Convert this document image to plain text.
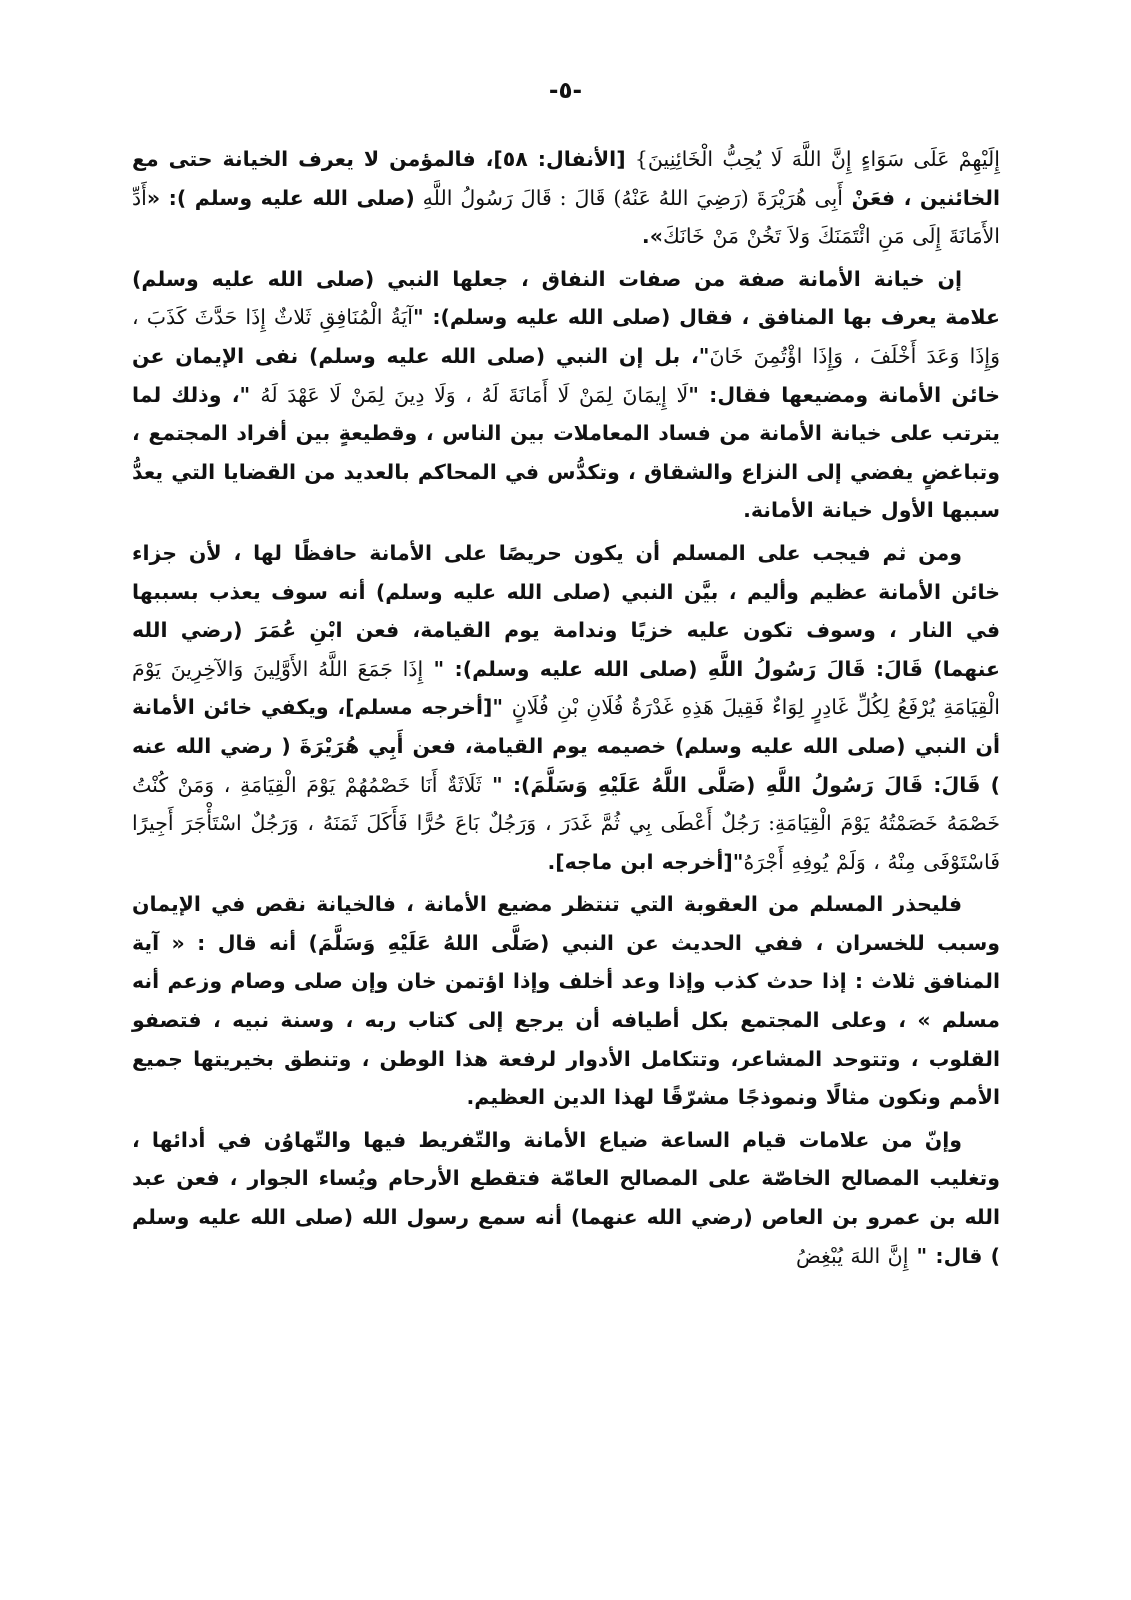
-٥-

إِلَيْهِمْ عَلَى سَوَاءٍ إِنَّ اللَّهَ لَا يُحِبُّ الْخَائِنِينَ} [الأنفال: ٥٨]، فالمؤمن لا يعرف الخيانة حتى مع الخائنين ، فعَنْ أَبِى هُرَيْرَةَ (رَضِيَ اللهُ عَنْهُ) قَالَ : قَالَ رَسُولُ اللَّهِ (صلى الله عليه وسلم ): «أَدِّ الأَمَانَةَ إِلَى مَنِ ائْتَمَنَكَ وَلاَ تَخُنْ مَنْ خَانَكَ».

إن خيانة الأمانة صفة من صفات النفاق ، جعلها النبي (صلى الله عليه وسلم) علامة يعرف بها المنافق ، فقال (صلى الله عليه وسلم): "آيَةُ الْمُنَافِقِ ثَلاثٌ إِذَا حَدَّثَ كَذَبَ ، وَإِذَا وَعَدَ أَخْلَفَ ، وَإِذَا اؤْتُمِنَ خَانَ"، بل إن النبي (صلى الله عليه وسلم) نفى الإيمان عن خائن الأمانة ومضيعها فقال: "لَا إِيمَانَ لِمَنْ لَا أَمَانَةَ لَهُ ، وَلَا دِينَ لِمَنْ لَا عَهْدَ لَهُ "، وذلك لما يترتب على خيانة الأمانة من فساد المعاملات بين الناس ، وقطيعةٍ بين أفراد المجتمع ، وتباغضٍ يفضي إلى النزاع والشقاق ، وتكدُّس في المحاكم بالعديد من القضايا التي يعدُّ سببها الأول خيانة الأمانة.

ومن ثم فيجب على المسلم أن يكون حريصًا على الأمانة حافظًا لها ، لأن جزاء خائن الأمانة عظيم وأليم ، بيَّن النبي (صلى الله عليه وسلم) أنه سوف يعذب بسببها في النار ، وسوف تكون عليه خزيًا وندامة يوم القيامة، فعن ابْنِ عُمَرَ (رضي الله عنهما) قَالَ: قَالَ رَسُولُ اللَّهِ (صلى الله عليه وسلم): " إِذَا جَمَعَ اللَّهُ الأَوَّلِينَ وَالآخِرِينَ يَوْمَ الْقِيَامَةِ يُرْفَعُ لِكُلِّ غَادِرٍ لِوَاءٌ فَقِيلَ هَذِهِ غَدْرَةُ فُلَانِ بْنِ فُلَانٍ "[أخرجه مسلم]، ويكفي خائن الأمانة أن النبي (صلى الله عليه وسلم) خصيمه يوم القيامة، فعن أَبِي هُرَيْرَةَ ( رضي الله عنه ) قَالَ: قَالَ رَسُولُ اللَّهِ (صَلَّى اللَّهُ عَلَيْهِ وَسَلَّمَ): " ثَلَاثَةٌ أَنَا خَصْمُهُمْ يَوْمَ الْقِيَامَةِ ، وَمَنْ كُنْتُ خَصْمَهُ خَصَمْتُهُ يَوْمَ الْقِيَامَةِ: رَجُلٌ أَعْطَى بِي ثُمَّ غَدَرَ ، وَرَجُلٌ بَاعَ حُرًّا فَأَكَلَ ثَمَنَهُ ، وَرَجُلٌ اسْتَأْجَرَ أَجِيرًا فَاسْتَوْفَى مِنْهُ ، وَلَمْ يُوفِهِ أَجْرَهُ"[أخرجه ابن ماجه].

فليحذر المسلم من العقوبة التي تنتظر مضيع الأمانة ، فالخيانة نقص في الإيمان وسبب للخسران ، ففي الحديث عن النبي (صَلَّى اللهُ عَلَيْهِ وَسَلَّمَ) أنه قال : « آية المنافق ثلاث : إذا حدث كذب وإذا وعد أخلف وإذا اؤتمن خان وإن صلى وصام وزعم أنه مسلم » ، وعلى المجتمع بكل أطيافه أن يرجع إلى كتاب ربه ، وسنة نبيه ، فتصفو القلوب ، وتتوحد المشاعر، وتتكامل الأدوار لرفعة هذا الوطن ، وتنطق بخيريتها جميع الأمم ونكون مثالًا ونموذجًا مشرّقًا لهذا الدين العظيم.

وإنّ من علامات قيام الساعة ضياع الأمانة والتّفريط فيها والتّهاوُن في أدائها ، وتغليب المصالح الخاصّة على المصالح العامّة فتقطع الأرحام ويُساء الجوار ، فعن عبد الله بن عمرو بن العاص (رضي الله عنهما) أنه سمع رسول الله (صلى الله عليه وسلم ) قال: " إِنَّ اللهَ يُبْغِضُ
